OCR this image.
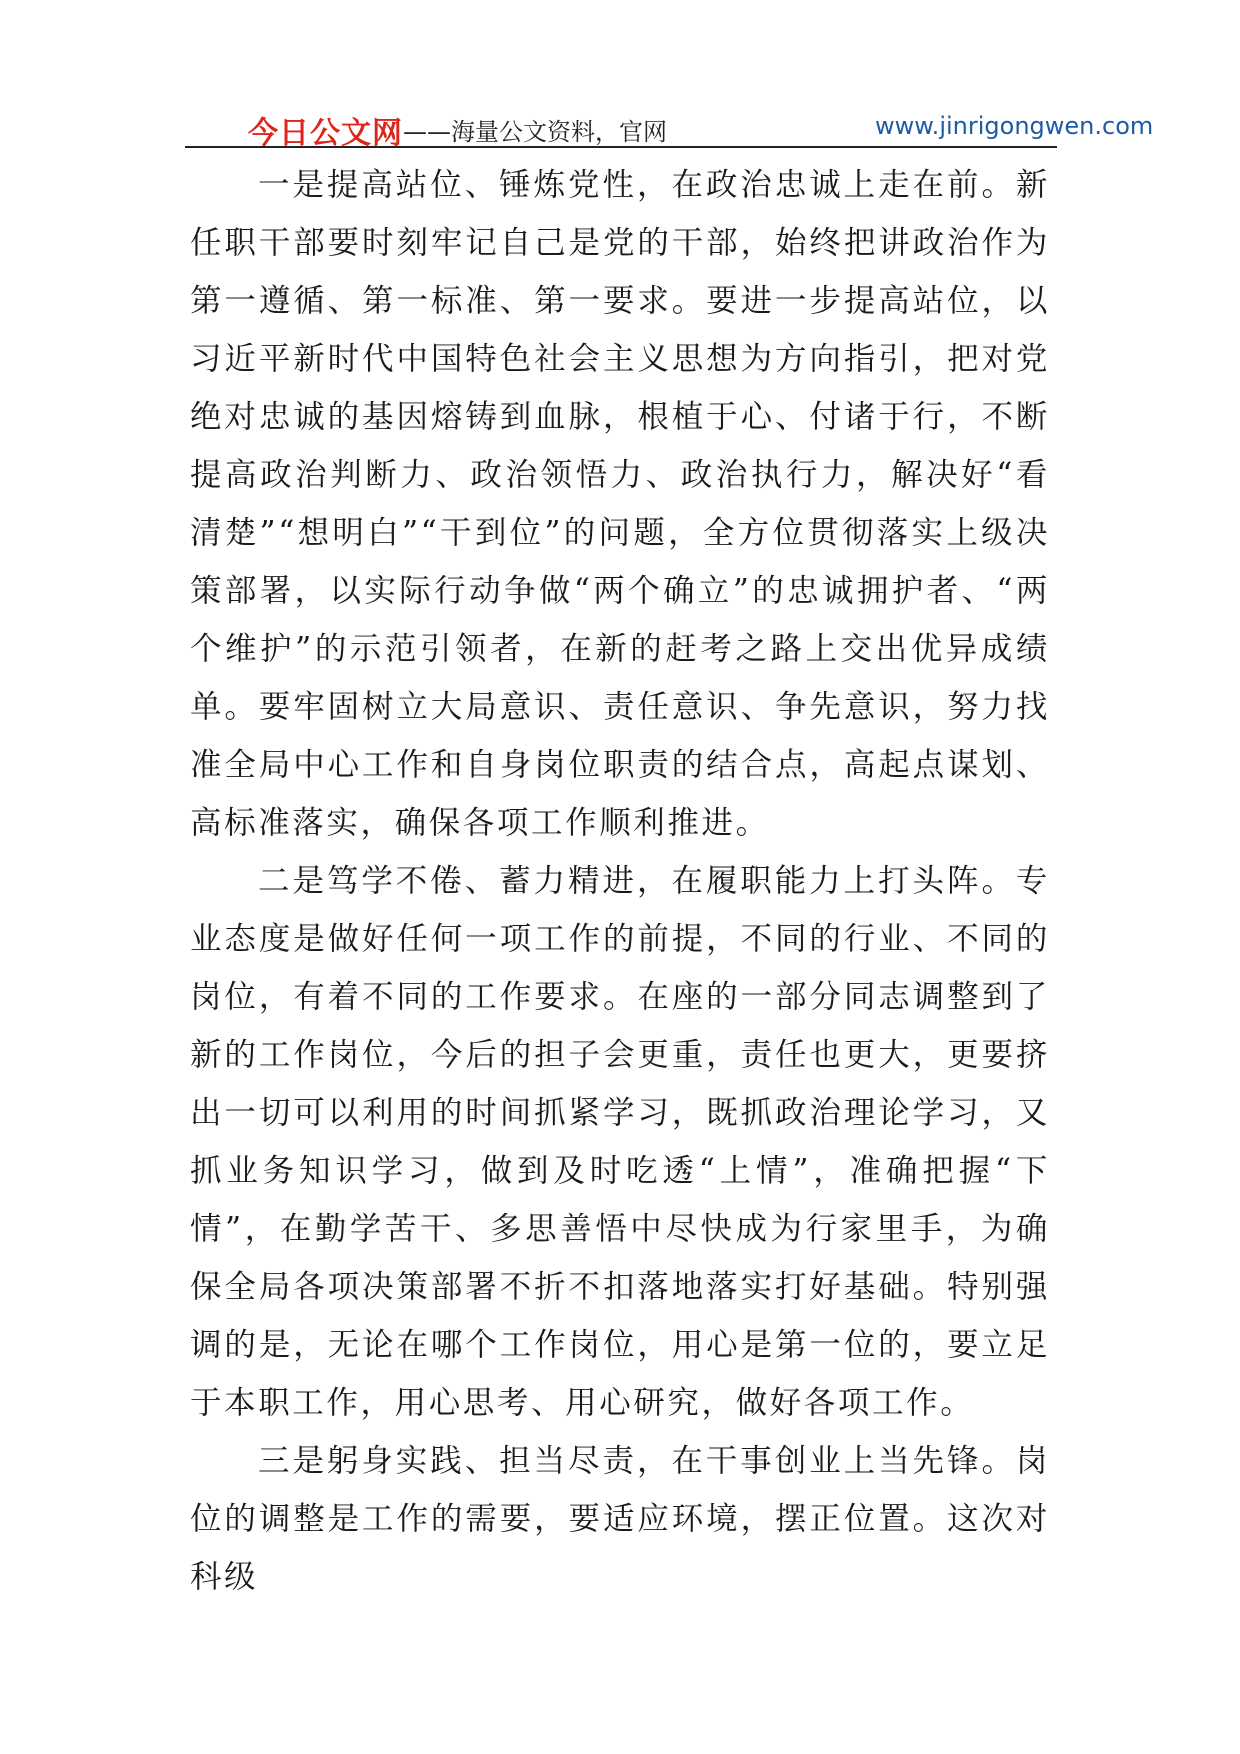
今日公文网 ——海量公文资料，官网	www.jinrigongwen.com

一是提高站位、锤炼党性，在政治忠诚上走在前。新任职干部要时刻牢记自己是党的干部，始终把讲政治作为第一遵循、第一标准、第一要求。要进一步提高站位，以习近平新时代中国特色社会主义思想为方向指引，把对党绝对忠诚的基因熔铸到血脉，根植于心、付诸于行，不断提高政治判断力、政治领悟力、政治执行力，解决好“看清楚”“想明白”“干到位”的问题，全方位贯彻落实上级决策部署，以实际行动争做“两个确立”的忠诚拥护者、“两个维护”的示范引领者，在新的赶考之路上交出优异成绩单。要牢固树立大局意识、责任意识、争先意识，努力找准全局中心工作和自身岗位职责的结合点，高起点谋划、高标准落实，确保各项工作顺利推进。

二是笃学不倦、蓄力精进，在履职能力上打头阵。专业态度是做好任何一项工作的前提，不同的行业、不同的岗位，有着不同的工作要求。在座的一部分同志调整到了新的工作岗位，今后的担子会更重，责任也更大，更要挤出一切可以利用的时间抓紧学习，既抓政治理论学习，又抓业务知识学习，做到及时吃透“上情”，准确把握“下情”，在勤学苦干、多思善悟中尽快成为行家里手，为确保全局各项决策部署不折不扣落地落实打好基础。特别强调的是，无论在哪个工作岗位，用心是第一位的，要立足于本职工作，用心思考、用心研究，做好各项工作。

三是躬身实践、担当尽责，在干事创业上当先锋。岗位的调整是工作的需要，要适应环境，摆正位置。这次对科级
